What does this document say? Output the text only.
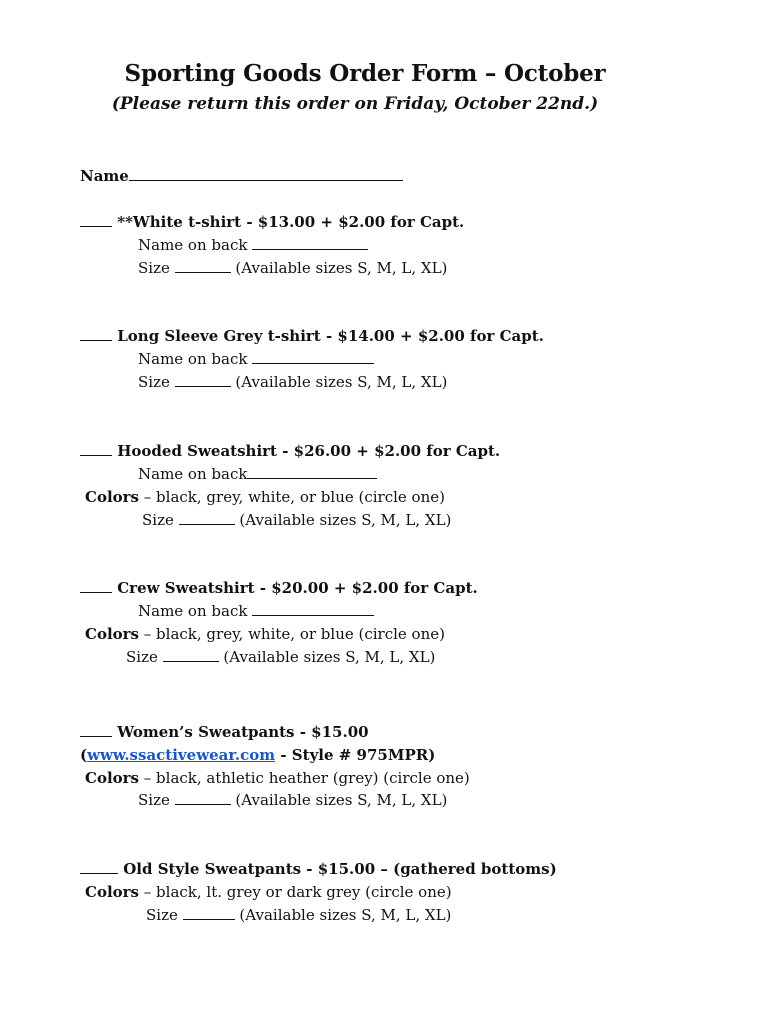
Sporting Goods Order Form – October
(Please return this order on Friday, October 22nd.)
Name
**White t-shirt - $13.00 + $2.00 for Capt.
Name on back
Size	(Available sizes S, M, L, XL)
Long Sleeve Grey t-shirt - $14.00 + $2.00 for Capt.
Name on back
Size	(Available sizes S, M, L, XL)
Hooded Sweatshirt - $26.00 + $2.00 for Capt.
Name on back
Colors – black, grey, white, or blue (circle one)
Size	(Available sizes S, M, L, XL)
Crew Sweatshirt - $20.00 + $2.00 for Capt.
Name on back
Colors – black, grey, white, or blue (circle one)
Size	(Available sizes S, M, L, XL)
Women’s Sweatpants - $15.00
(www.ssactivewear.com - Style # 975MPR)
Colors – black, athletic heather (grey) (circle one)
Size	(Available sizes S, M, L, XL)
Old Style Sweatpants - $15.00 – (gathered bottoms)
Colors – black, lt. grey or dark grey (circle one)
Size	(Available sizes S, M, L, XL)
